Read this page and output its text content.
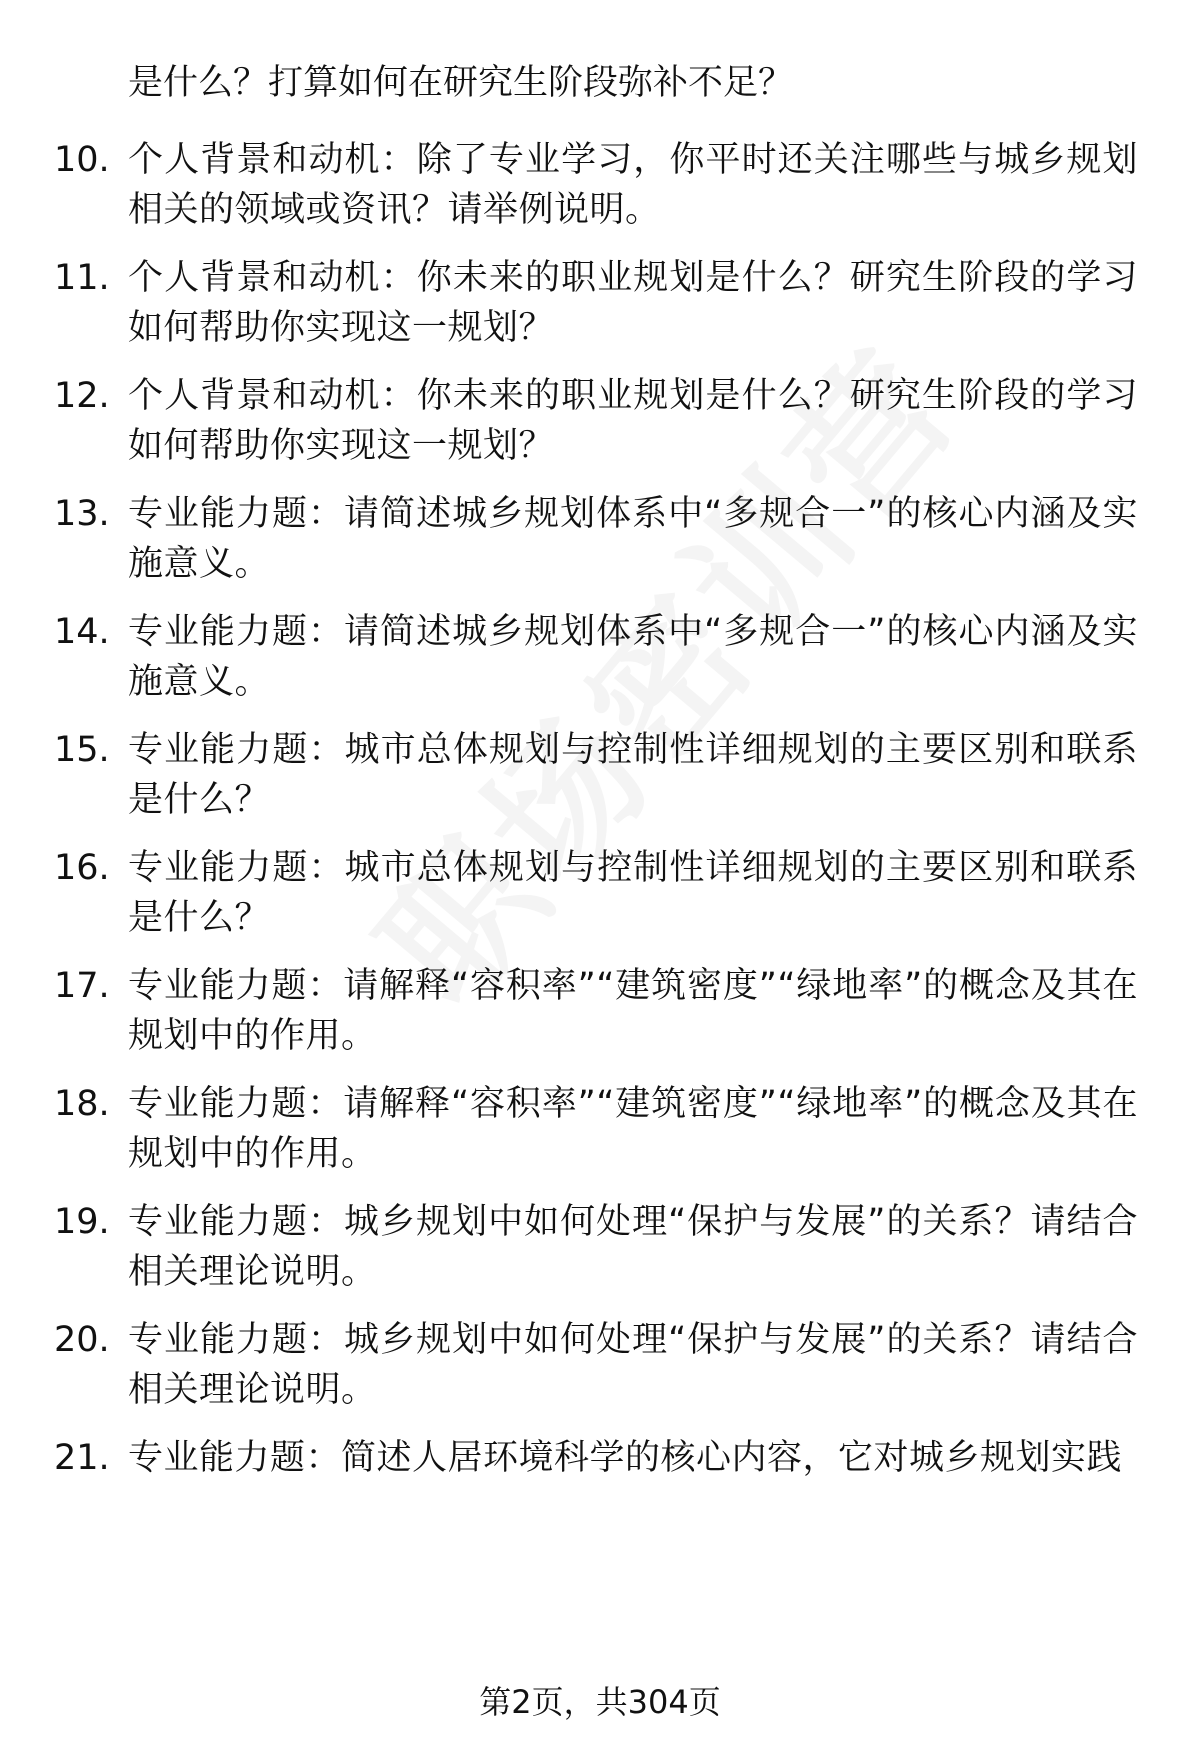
是什么？打算如何在研究生阶段弥补不足？
10. 个人背景和动机：除了专业学习，你平时还关注哪些与城乡规划相关的领域或资讯？请举例说明。
11. 个人背景和动机：你未来的职业规划是什么？研究生阶段的学习如何帮助你实现这一规划？
12. 个人背景和动机：你未来的职业规划是什么？研究生阶段的学习如何帮助你实现这一规划？
13. 专业能力题：请简述城乡规划体系中“多规合一”的核心内涵及实施意义。
14. 专业能力题：请简述城乡规划体系中“多规合一”的核心内涵及实施意义。
15. 专业能力题：城市总体规划与控制性详细规划的主要区别和联系是什么？
16. 专业能力题：城市总体规划与控制性详细规划的主要区别和联系是什么？
17. 专业能力题：请解释“容积率”“建筑密度”“绿地率”的概念及其在规划中的作用。
18. 专业能力题：请解释“容积率”“建筑密度”“绿地率”的概念及其在规划中的作用。
19. 专业能力题：城乡规划中如何处理“保护与发展”的关系？请结合相关理论说明。
20. 专业能力题：城乡规划中如何处理“保护与发展”的关系？请结合相关理论说明。
21. 专业能力题：简述人居环境科学的核心内容，它对城乡规划实践
第2页，共304页
